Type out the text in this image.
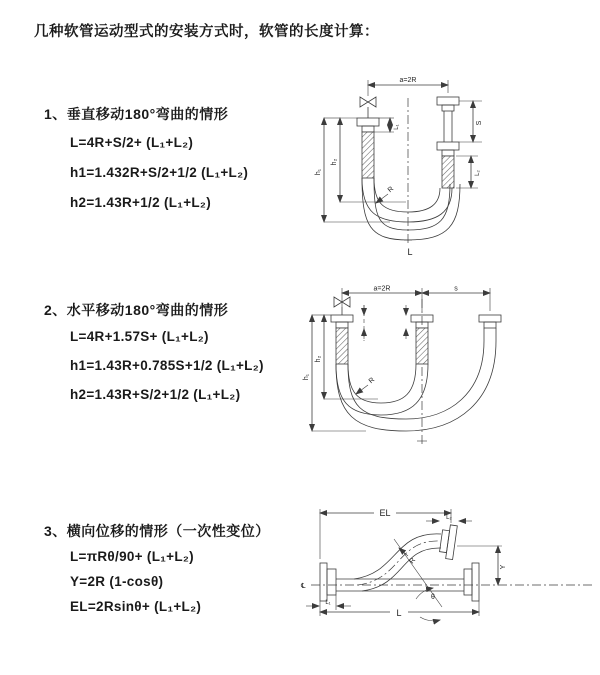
几种软管运动型式的安装方式时，软管的长度计算：
1、垂直移动180°弯曲的情形
L=4R+S/2+ (L₁+L₂)
h1=1.432R+S/2+1/2 (L₁+L₂)
h2=1.43R+1/2 (L₁+L₂)
2、水平移动180°弯曲的情形
L=4R+1.57S+ (L₁+L₂)
h1=1.43R+0.785S+1/2 (L₁+L₂)
h2=1.43R+S/2+1/2 (L₁+L₂)
3、横向位移的情形（一次性变位）
L=πRθ/90+ (L₁+L₂)
Y=2R (1-cosθ)
EL=2Rsinθ+ (L₁+L₂)
a=2R
R
L₁
S
L₂
h₂
h₁
L
a=2R	s
R
h₂
h₁
℄
EL	L₂
Y
θ
R
L₁
L
